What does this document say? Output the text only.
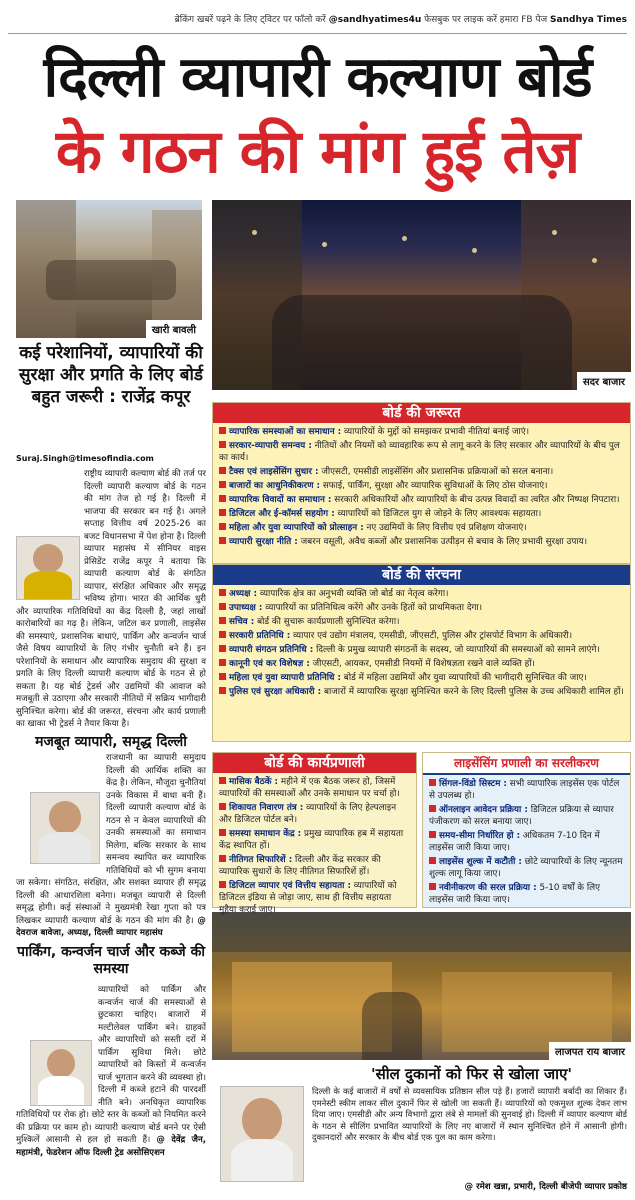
ब्रेकिंग खबरें पढ़ने के लिए ट्विटर पर फॉलो करें @sandhyatimes4u फेसबुक पर लाइक करें हमारा FB पेज Sandhya Times
दिल्ली व्यापारी कल्याण बोर्ड
के गठन की मांग हुई तेज़
खारी बावली
सदर बाजार
लाजपत राय बाजार
कई परेशानियों, व्यापारियों की सुरक्षा और प्रगति के लिए बोर्ड बहुत जरूरी : राजेंद्र कपूर
Suraj.Singh@timesofindia.com
राष्ट्रीय व्यापारी कल्याण बोर्ड की तर्ज पर दिल्ली व्यापारी कल्याण बोर्ड के गठन की मांग तेज हो गई है। दिल्ली में भाजपा की सरकार बन गई है। अगले सप्ताह वित्तीय वर्ष 2025-26 का बजट विधानसभा में पेश होना है। दिल्ली व्यापार महासंघ में सीनियर वाइस प्रेसिडेंट राजेंद्र कपूर ने बताया कि व्यापारी कल्याण बोर्ड के संगठित व्यापार, संरक्षित अधिकार और समृद्ध भविष्य होगा। भारत की आर्थिक धुरी और व्यापारिक गतिविधियों का केंद्र दिल्ली है, जहां लाखों कारोबारियों का गढ़ है। लेकिन, जटिल कर प्रणाली, लाइसेंस की समस्याएं, प्रशासनिक बाधाएं, पार्किंग और कन्वर्जन चार्ज जैसे विषय व्यापारियों के लिए गंभीर चुनौती बने हैं। इन परेशानियों के समाधान और व्यापारिक समुदाय की सुरक्षा व प्रगति के लिए दिल्ली व्यापारी कल्याण बोर्ड के गठन से हो सकता है। यह बोर्ड ट्रेडर्स और उद्यमियों की आवाज को मजबूती से उठाएगा और सरकारी नीतियों में सक्रिय भागीदारी सुनिश्चित करेगा। बोर्ड की जरूरत, संरचना और कार्य प्रणाली का खाका भी ट्रेडर्स ने तैयार किया है।
मजबूत व्यापारी, समृद्ध दिल्ली
राजधानी का व्यापारी समुदाय दिल्ली की आर्थिक शक्ति का केंद्र है। लेकिन, मौजूदा चुनौतियां उनके विकास में बाधा बनी हैं। दिल्ली व्यापारी कल्याण बोर्ड के गठन से न केवल व्यापारियों की उनकी समस्याओं का समाधान मिलेगा, बल्कि सरकार के साथ समन्वय स्थापित कर व्यापारिक गतिविधियों को भी सुगम बनाया जा सकेगा। संगठित, संरक्षित, और सशक्त व्यापार ही समृद्ध दिल्ली की आधारशिला बनेगा। मजबूत व्यापारी से दिल्ली समृद्ध होगी। कई संस्थाओं ने मुख्यमंत्री रेखा गुप्ता को पत्र लिखकर व्यापारी कल्याण बोर्ड के गठन की मांग की है। @ देवराज बावेजा, अध्यक्ष, दिल्ली व्यापार महासंघ
पार्किंग, कन्वर्जन चार्ज और कब्जे की समस्या
व्यापारियों को पार्किंग और कन्वर्जन चार्ज की समस्याओं से छुटकारा चाहिए। बाजारों में मल्टीलेवल पार्किंग बने। ग्राहकों और व्यापारियों को सस्ती दरों में पार्किंग सुविधा मिले। छोटे व्यापारियों को किस्तों में कन्वर्जन चार्ज भुगतान करने की व्यवस्था हो। दिल्ली में कब्जे हटाने की पारदर्शी नीति बने। अनधिकृत व्यापारिक गतिविधियों पर रोक हो। छोटे स्तर के कब्जों को नियमित करने की प्रक्रिया पर काम हो। व्यापारी कल्याण बोर्ड बनने पर ऐसी मुश्किलें आसानी से हल हो सकती हैं। @ देवेंद्र जैन, महामंत्री, फेडरेशन ऑफ दिल्ली ट्रेड असोसिएशन
बोर्ड की जरूरत
व्यापारिक समस्याओं का समाधान : व्यापारियों के मुद्दों को समझकर प्रभावी नीतियां बनाई जाएं।
सरकार-व्यापारी समन्वय : नीतियों और नियमों को व्यावहारिक रूप से लागू करने के लिए सरकार और व्यापारियों के बीच पुल का कार्य।
टैक्स एवं लाइसेंसिंग सुधार : जीएसटी, एमसीडी लाइसेंसिंग और प्रशासनिक प्रक्रियाओं को सरल बनाना।
बाजारों का आधुनिकीकरण : सफाई, पार्किंग, सुरक्षा और व्यापारिक सुविधाओं के लिए ठोस योजनाएं।
व्यापारिक विवादों का समाधान : सरकारी अधिकारियों और व्यापारियों के बीच उत्पन्न विवादों का त्वरित और निष्पक्ष निपटारा।
डिजिटल और ई-कॉमर्स सहयोग : व्यापारियों को डिजिटल युग से जोड़ने के लिए आवश्यक सहायता।
महिला और युवा व्यापारियों को प्रोत्साहन : नए उद्यमियों के लिए वित्तीय एवं प्रशिक्षण योजनाएं।
व्यापारी सुरक्षा नीति : जबरन वसूली, अवैध कब्जों और प्रशासनिक उत्पीड़न से बचाव के लिए प्रभावी सुरक्षा उपाय।
बोर्ड की संरचना
अध्यक्ष : व्यापारिक क्षेत्र का अनुभवी व्यक्ति जो बोर्ड का नेतृत्व करेगा।
उपाध्यक्ष : व्यापारियों का प्रतिनिधित्व करेंगे और उनके हितों को प्राथमिकता देगा।
सचिव : बोर्ड की सुचारू कार्यप्रणाली सुनिश्चित करेगा।
सरकारी प्रतिनिधि : व्यापार एवं उद्योग मंत्रालय, एमसीडी, जीएसटी, पुलिस और ट्रांसपोर्ट विभाग के अधिकारी।
व्यापारी संगठन प्रतिनिधि : दिल्ली के प्रमुख व्यापारी संगठनों के सदस्य, जो व्यापारियों की समस्याओं को सामने लाएंगे।
कानूनी एवं कर विशेषज्ञ : जीएसटी, आयकर, एमसीडी नियमों में विशेषज्ञता रखने वाले व्यक्ति हों।
महिला एवं युवा व्यापारी प्रतिनिधि : बोर्ड में महिला उद्यमियों और युवा व्यापारियों की भागीदारी सुनिश्चित की जाए।
पुलिस एवं सुरक्षा अधिकारी : बाजारों में व्यापारिक सुरक्षा सुनिश्चित करने के लिए दिल्ली पुलिस के उच्च अधिकारी शामिल हों।
बोर्ड की कार्यप्रणाली
मासिक बैठकें : महीने में एक बैठक जरूर हो, जिसमें व्यापारियों की समस्याओं और उनके समाधान पर चर्चा हो।
शिकायत निवारण तंत्र : व्यापारियों के लिए हेल्पलाइन और डिजिटल पोर्टल बने।
समस्या समाधान केंद्र : प्रमुख व्यापारिक हब में सहायता केंद्र स्थापित हों।
नीतिगत सिफारिशें : दिल्ली और केंद्र सरकार की व्यापारिक सुधारों के लिए नीतिगत सिफारिशें हों।
डिजिटल व्यापार एवं वित्तीय सहायता : व्यापारियों को डिजिटल इंडिया से जोड़ा जाए, साथ ही वित्तीय सहायता मुहैया कराई जाए।
लाइसेंसिंग प्रणाली का सरलीकरण
सिंगल-विंडो सिस्टम : सभी व्यापारिक लाइसेंस एक पोर्टल से उपलब्ध हो।
ऑनलाइन आवेदन प्रक्रिया : डिजिटल प्रक्रिया से व्यापार पंजीकरण को सरल बनाया जाए।
समय-सीमा निर्धारित हो : अधिकतम 7-10 दिन में लाइसेंस जारी किया जाए।
लाइसेंस शुल्क में कटौती : छोटे व्यापारियों के लिए न्यूनतम शुल्क लागू किया जाए।
नवीनीकरण की सरल प्रक्रिया : 5-10 वर्षों के लिए लाइसेंस जारी किया जाए।
'सील दुकानों को फिर से खोला जाए'
दिल्ली के कई बाजारों में वर्षों से व्यवसायिक प्रतिष्ठान सील पड़े हैं। हजारों व्यापारी बर्बादी का शिकार हैं। एमनेस्टी स्कीम लाकर सील दुकानें फिर से खोली जा सकती हैं। व्यापारियों को एकमुश्त शुल्क देकर लाभ दिया जाए। एमसीडी और अन्य विभागों द्वारा लंबे से मामलों की सुनवाई हो। दिल्ली में व्यापार कल्याण बोर्ड के गठन से सीलिंग प्रभावित व्यापारियों के लिए नए बाजारों में स्थान सुनिश्चित होने में आसानी होगी। दुकानदारों और सरकार के बीच बोर्ड एक पुल का काम करेगा।
@ रमेश खन्ना, प्रभारी, दिल्ली बीजेपी व्यापार प्रकोष्ठ
